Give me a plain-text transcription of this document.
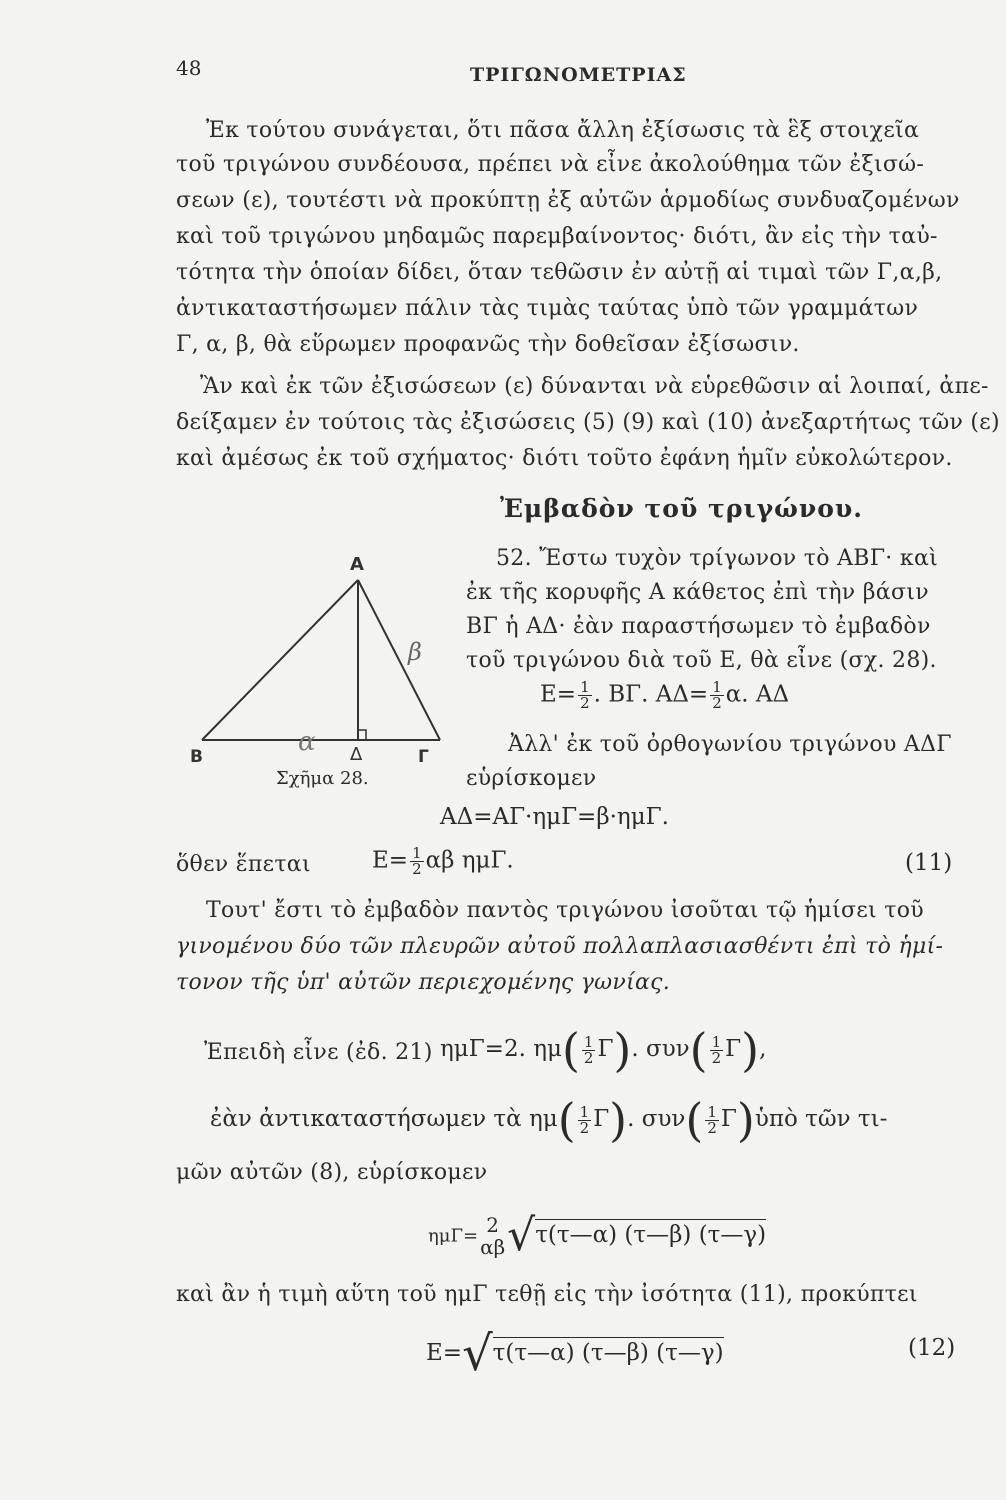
48	ΤΡΙΓΩΝΟΜΕΤΡΙΑΣ
Ἐκ τούτου συνάγεται, ὅτι πᾶσα ἄλλη ἐξίσωσις τὰ ἓξ στοιχεῖα
τοῦ τριγώνου συνδέουσα, πρέπει νὰ εἶνε ἀκολούθημα τῶν ἐξισώ-
σεων (ε), τουτέστι νὰ προκύπτῃ ἐξ αὐτῶν ἁρμοδίως συνδυαζομένων
καὶ τοῦ τριγώνου μηδαμῶς παρεμβαίνοντος· διότι, ἂν εἰς τὴν ταὐ-
τότητα τὴν ὁποίαν δίδει, ὅταν τεθῶσιν ἐν αὐτῇ αἱ τιμαὶ τῶν Γ,α,β,
ἀντικαταστήσωμεν πάλιν τὰς τιμὰς ταύτας ὑπὸ τῶν γραμμάτων
Γ, α, β, θὰ εὕρωμεν προφανῶς τὴν δοθεῖσαν ἐξίσωσιν.
Ἂν καὶ ἐκ τῶν ἐξισώσεων (ε) δύνανται νὰ εὑρεθῶσιν αἱ λοιπαί, ἀπε-
δείξαμεν ἐν τούτοις τὰς ἐξισώσεις (5) (9) καὶ (10) ἀνεξαρτήτως τῶν (ε)
καὶ ἀμέσως ἐκ τοῦ σχήματος· διότι τοῦτο ἐφάνη ἡμῖν εὐκολώτερον.
Ἐμβαδὸν τοῦ τριγώνου.
A
B	Δ	Γ
β
α
Σχῆμα 28.
52. Ἔστω τυχὸν τρίγωνον τὸ ΑΒΓ· καὶ
ἐκ τῆς κορυφῆς Α κάθετος ἐπὶ τὴν βάσιν
ΒΓ ἡ ΑΔ· ἐὰν παραστήσωμεν τὸ ἐμβαδὸν
τοῦ τριγώνου διὰ τοῦ Ε, θὰ εἶνε (σχ. 28).
$E= \frac{1}{2}$ . ΒΓ. $A\Delta= \frac{1}{2} \alpha$. ΑΔ
Ἀλλ' ἐκ τοῦ ὀρθογωνίου τριγώνου ΑΔΓ
εὑρίσκομεν
ΑΔ=ΑΓ·ημΓ=β·ημΓ.
ὅθεν ἕπεται	$E= \frac{1}{2}$ αβ ημΓ.	(11)
Τουτ' ἔστι τὸ ἐμβαδὸν παντὸς τριγώνου ἰσοῦται τῷ ἡμίσει τοῦ
γινομένου δύο τῶν πλευρῶν αὐτοῦ πολλαπλασιασθέντι ἐπὶ τὸ ἡμί-
τονον τῆς ὑπ' αὐτῶν περιεχομένης γωνίας.
Ἐπειδὴ εἶνε (ἐδ. 21) ημΓ=2. $\eta\mu( \frac{1}{2} \Gamma)$. $\sigma\upsilon\nu( \frac{1}{2} \Gamma)$,
ἐὰν ἀντικαταστήσωμεν τὰ $\eta\mu( \frac{1}{2} \Gamma)$. $\sigma\upsilon\nu( \frac{1}{2}$ Γ)ὑπὸ τῶν τι-
μῶν αὐτῶν (8), εὑρίσκομεν
ημΓ= 2
αβ √τ(τ—α) (τ—β) (τ—γ)
καὶ ἂν ἡ τιμὴ αὕτη τοῦ ημΓ τεθῇ εἰς τὴν ἰσότητα (11), προκύπτει
Ε=√τ(τ—α) (τ—β) (τ—γ)	(12)
